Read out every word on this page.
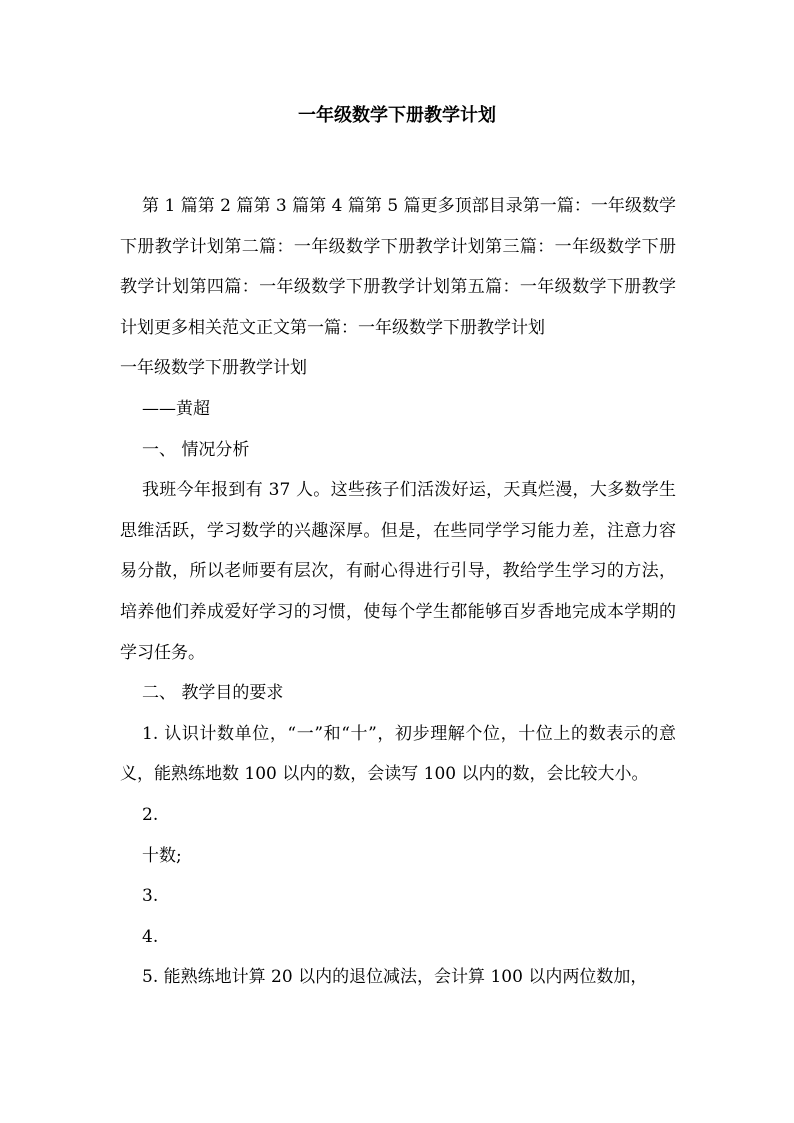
一年级数学下册教学计划

第 1 篇第 2 篇第 3 篇第 4 篇第 5 篇更多顶部目录第一篇：一年级数学下册教学计划第二篇：一年级数学下册教学计划第三篇：一年级数学下册教学计划第四篇：一年级数学下册教学计划第五篇：一年级数学下册教学计划更多相关范文正文第一篇：一年级数学下册教学计划

一年级数学下册教学计划

——黄超

一、 情况分析

我班今年报到有 37 人。这些孩子们活泼好运，天真烂漫，大多数学生思维活跃，学习数学的兴趣深厚。但是，在些同学学习能力差，注意力容易分散，所以老师要有层次，有耐心得进行引导，教给学生学习的方法，培养他们养成爱好学习的习惯，使每个学生都能够百岁香地完成本学期的学习任务。

二、 教学目的要求

1. 认识计数单位，“一”和“十”，初步理解个位，十位上的数表示的意义，能熟练地数 100 以内的数，会读写 100 以内的数，会比较大小。

2.

十数;

3.

4.

5. 能熟练地计算 20 以内的退位减法，会计算 100 以内两位数加，
